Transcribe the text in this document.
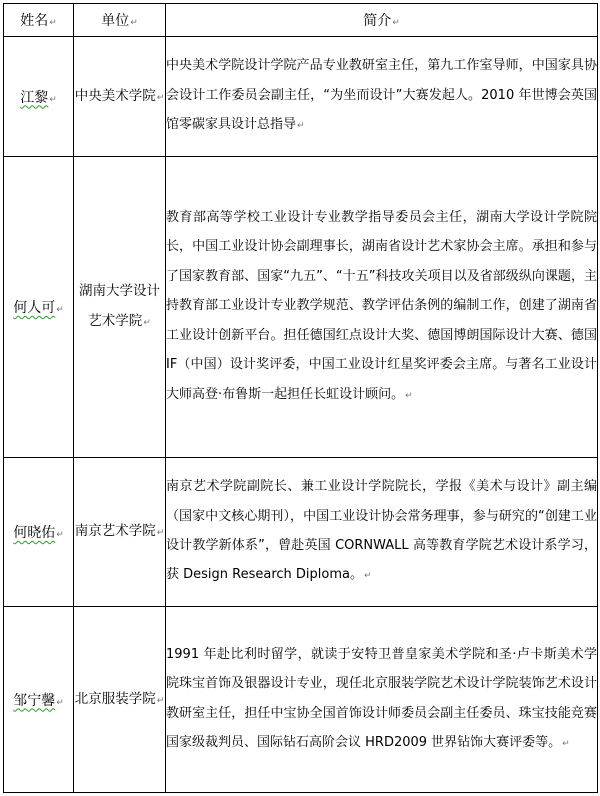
姓名↵	单位↵	简介↵
江黎↵	中央美术学院↵	中央美术学院设计学院产品专业教研室主任，第九工作室导师，中国家具协会设计工作委员会副主任，“为坐而设计”大赛发起人。2010 年世博会英国馆零碳家具设计总指导↵
何人可↵	湖南大学设计艺术学院↵	教育部高等学校工业设计专业教学指导委员会主任，湖南大学设计学院院长，中国工业设计协会副理事长，湖南省设计艺术家协会主席。承担和参与了国家教育部、国家“九五”、“十五”科技攻关项目以及省部级纵向课题，主持教育部工业设计专业教学规范、教学评估条例的编制工作，创建了湖南省工业设计创新平台。担任德国红点设计大奖、德国博朗国际设计大赛、德国 IF（中国）设计奖评委，中国工业设计红星奖评委会主席。与著名工业设计大师高登·布鲁斯一起担任长虹设计顾问。↵
何晓佑↵	南京艺术学院↵	南京艺术学院副院长、兼工业设计学院院长，学报《美术与设计》副主编（国家中文核心期刊），中国工业设计协会常务理事，参与研究的“创建工业设计教学新体系”，曾赴英国 CORNWALL 高等教育学院艺术设计系学习，获 Design Research Diploma。↵
邹宁馨↵	北京服装学院↵	1991 年赴比利时留学，就读于安特卫普皇家美术学院和圣·卢卡斯美术学院珠宝首饰及银器设计专业，现任北京服装学院艺术设计学院装饰艺术设计教研室主任，担任中宝协全国首饰设计师委员会副主任委员、珠宝技能竞赛国家级裁判员、国际钻石高阶会议 HRD2009 世界钻饰大赛评委等。↵
